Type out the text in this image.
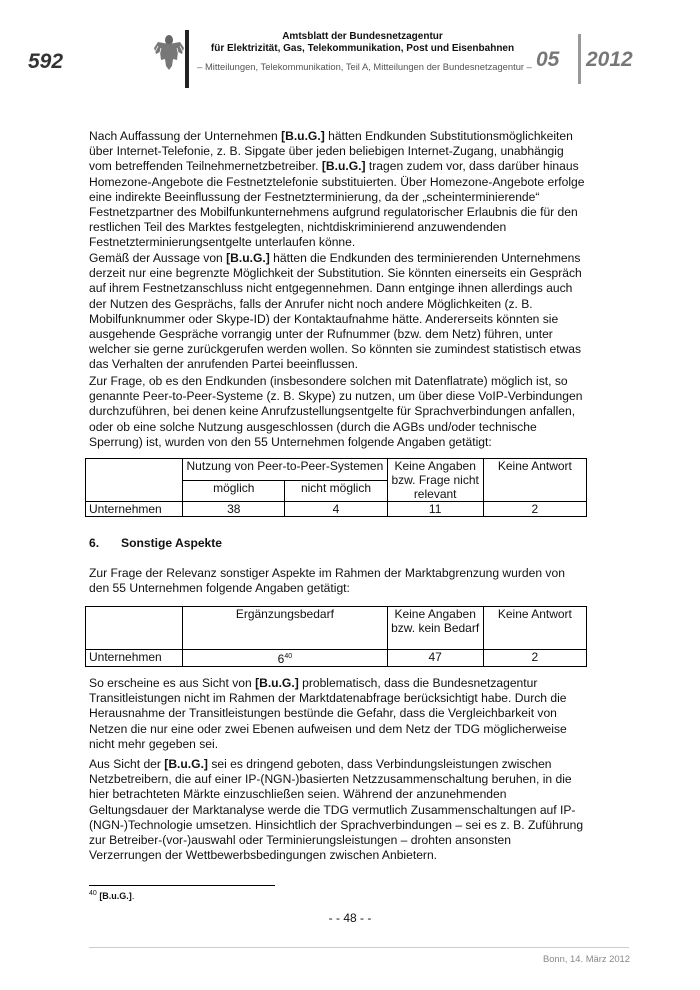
592
Amtsblatt der Bundesnetzagentur
für Elektrizität, Gas, Telekommunikation, Post und Eisenbahnen
– Mitteilungen, Telekommunikation, Teil A, Mitteilungen der Bundesnetzagentur – 05 2012

Nach Auffassung der Unternehmen [B.u.G.] hätten Endkunden Substitutionsmöglichkeiten über Internet-Telefonie, z. B. Sipgate über jeden beliebigen Internet-Zugang, unabhängig vom betreffenden Teilnehmernetzbetreiber. [B.u.G.] tragen zudem vor, dass darüber hinaus Homezone-Angebote die Festnetztelefonie substituierten. Über Homezone-Angebote erfolge eine indirekte Beeinflussung der Festnetzterminierung, da der „scheinterminierende“ Festnetzpartner des Mobilfunkunternehmens aufgrund regulatorischer Erlaubnis die für den restlichen Teil des Marktes festgelegten, nichtdiskriminierend anzuwendenden Festnetzterminierungsentgelte unterlaufen könne.

Gemäß der Aussage von [B.u.G.] hätten die Endkunden des terminierenden Unternehmens derzeit nur eine begrenzte Möglichkeit der Substitution. Sie könnten einerseits ein Gespräch auf ihrem Festnetzanschluss nicht entgegennehmen. Dann entginge ihnen allerdings auch der Nutzen des Gesprächs, falls der Anrufer nicht noch andere Möglichkeiten (z. B. Mobilfunknummer oder Skype-ID) der Kontaktaufnahme hätte. Andererseits könnten sie ausgehende Gespräche vorrangig unter der Rufnummer (bzw. dem Netz) führen, unter welcher sie gerne zurückgerufen werden wollen. So könnten sie zumindest statistisch etwas das Verhalten der anrufenden Partei beeinflussen.

Zur Frage, ob es den Endkunden (insbesondere solchen mit Datenflatrate) möglich ist, so genannte Peer-to-Peer-Systeme (z. B. Skype) zu nutzen, um über diese VoIP-Verbindungen durchzuführen, bei denen keine Anrufzustellungsentgelte für Sprachverbindungen anfallen, oder ob eine solche Nutzung ausgeschlossen (durch die AGBs und/oder technische Sperrung) ist, wurden von den 55 Unternehmen folgende Angaben getätigt:

	Nutzung von Peer-to-Peer-Systemen		Keine Angaben bzw. Frage nicht relevant	Keine Antwort
	möglich	nicht möglich		
Unternehmen	38	4	11	2
6. Sonstige Aspekte

Zur Frage der Relevanz sonstiger Aspekte im Rahmen der Marktabgrenzung wurden von den 55 Unternehmen folgende Angaben getätigt:

	Ergänzungsbedarf	Keine Angaben bzw. kein Bedarf	Keine Antwort
Unternehmen	$6^{40}$	47	2

So erscheine es aus Sicht von [B.u.G.] problematisch, dass die Bundesnetzagentur Transitleistungen nicht im Rahmen der Marktdatenabfrage berücksichtigt habe. Durch die Herausnahme der Transitleistungen bestünde die Gefahr, dass die Vergleichbarkeit von Netzen die nur eine oder zwei Ebenen aufweisen und dem Netz der TDG möglicherweise nicht mehr gegeben sei.

Aus Sicht der [B.u.G.] sei es dringend geboten, dass Verbindungsleistungen zwischen Netzbetreibern, die auf einer IP-(NGN-)basierten Netzzusammenschaltung beruhen, in die hier betrachteten Märkte einzuschließen seien. Während der anzunehmenden Geltungsdauer der Marktanalyse werde die TDG vermutlich Zusammenschaltungen auf IP-(NGN-)Technologie umsetzen. Hinsichtlich der Sprachverbindungen – sei es z. B. Zuführung zur Betreiber-(vor-)auswahl oder Terminierungsleistungen – drohten ansonsten Verzerrungen der Wettbewerbsbedingungen zwischen Anbietern.

$^{40}$ [B.u.G.].
- - 48 - -
Bonn, 14. März 2012
